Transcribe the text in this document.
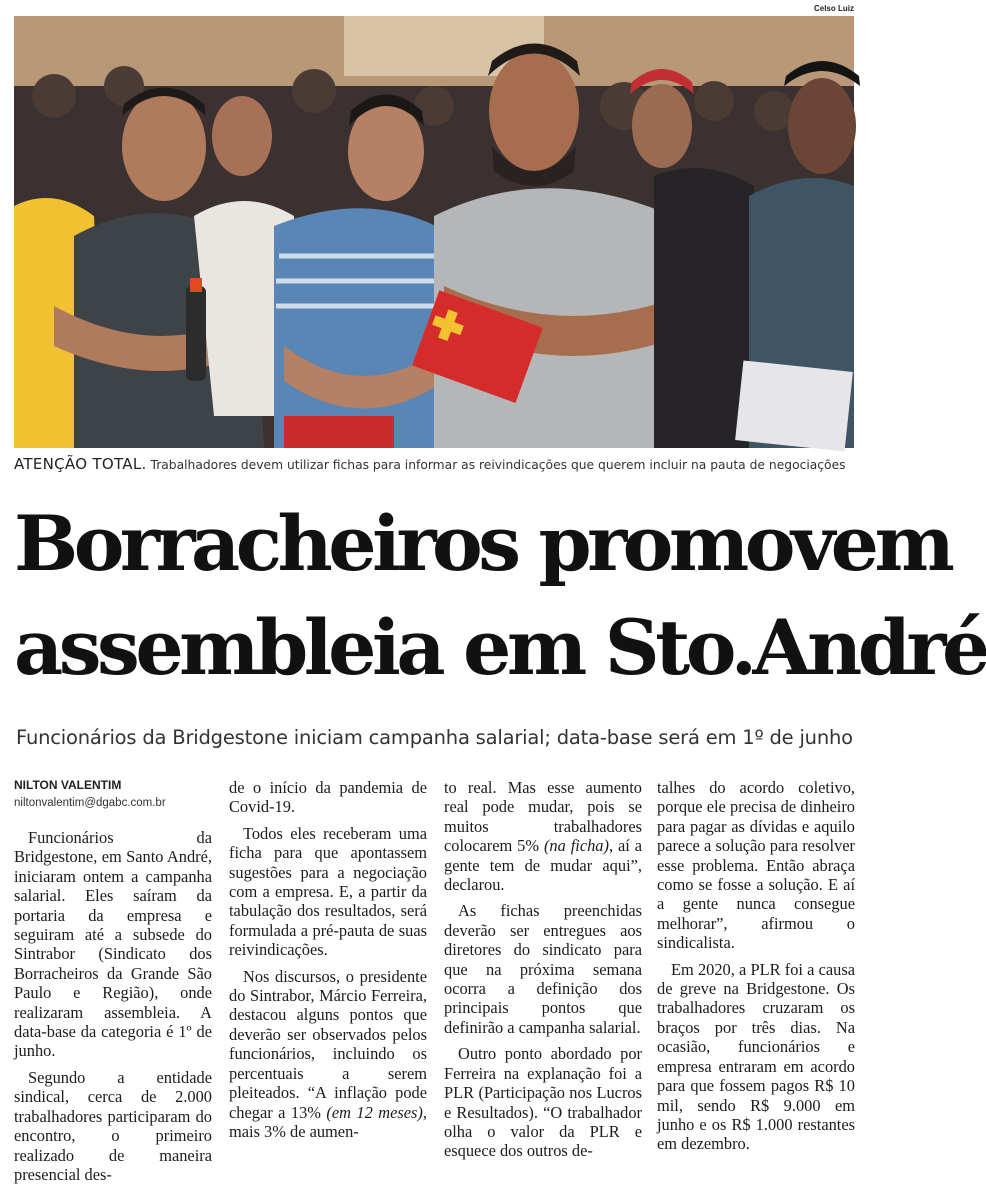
Celso Luiz
ATENÇÃO TOTAL. Trabalhadores devem utilizar fichas para informar as reivindicações que querem incluir na pauta de negociações
Borracheiros promovem
assembleia em Sto.André
Funcionários da Bridgestone iniciam campanha salarial; data-base será em 1º de junho
NILTON VALENTIM
niltonvalentim@dgabc.com.br

Funcionários da Bridgestone, em Santo André, iniciaram ontem a campanha salarial. Eles saíram da portaria da empresa e seguiram até a subsede do Sintrabor (Sindicato dos Borracheiros da Grande São Paulo e Região), onde realizaram assembleia. A data-base da categoria é 1º de junho.

Segundo a entidade sindical, cerca de 2.000 trabalhadores participaram do encontro, o primeiro realizado de maneira presencial des-

de o início da pandemia de Covid-19.

Todos eles receberam uma ficha para que apontassem sugestões para a negociação com a empresa. E, a partir da tabulação dos resultados, será formulada a pré-pauta de suas reivindicações.

Nos discursos, o presidente do Sintrabor, Márcio Ferreira, destacou alguns pontos que deverão ser observados pelos funcionários, incluindo os percentuais a serem pleiteados. “A inflação pode chegar a 13% (em 12 meses), mais 3% de aumen-

to real. Mas esse aumento real pode mudar, pois se muitos trabalhadores colocarem 5% (na ficha), aí a gente tem de mudar aqui”, declarou.

As fichas preenchidas deverão ser entregues aos diretores do sindicato para que na próxima semana ocorra a definição dos principais pontos que definirão a campanha salarial.

Outro ponto abordado por Ferreira na explanação foi a PLR (Participação nos Lucros e Resultados). “O trabalhador olha o valor da PLR e esquece dos outros de-

talhes do acordo coletivo, porque ele precisa de dinheiro para pagar as dívidas e aquilo parece a solução para resolver esse problema. Então abraça como se fosse a solução. E aí a gente nunca consegue melhorar”, afirmou o sindicalista.

Em 2020, a PLR foi a causa de greve na Bridgestone. Os trabalhadores cruzaram os braços por três dias. Na ocasião, funcionários e empresa entraram em acordo para que fossem pagos R$ 10 mil, sendo R$ 9.000 em junho e os R$ 1.000 restantes em dezembro.
